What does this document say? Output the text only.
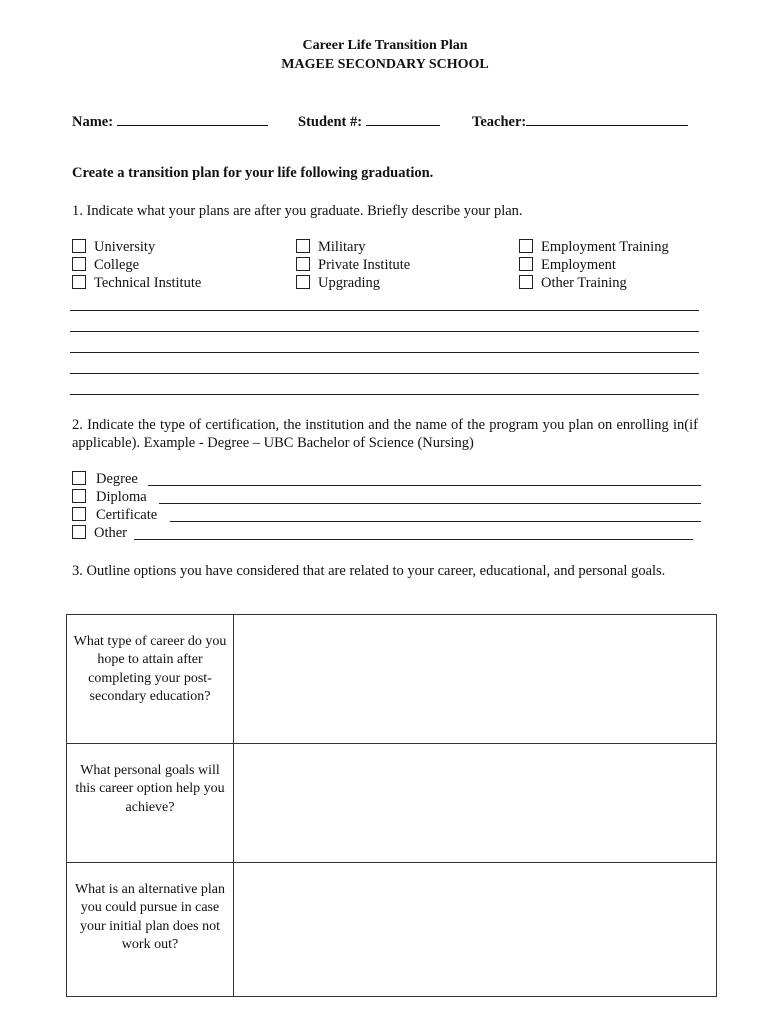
Career Life Transition Plan
MAGEE SECONDARY SCHOOL
Name:	Student #:	Teacher:
Create a transition plan for your life following graduation.
1. Indicate what your plans are after you graduate. Briefly describe your plan.
University
College
Technical Institute
Military
Private Institute
Upgrading
Employment Training
Employment
Other Training
2. Indicate the type of certification, the institution and the name of the program you plan on enrolling in(if applicable). Example - Degree – UBC Bachelor of Science (Nursing)
Degree
Diploma
Certificate
Other
3. Outline options you have considered that are related to your career, educational, and personal goals.
What type of career do you hope to attain after completing your post-secondary education?	
What personal goals will this career option help you achieve?	
What is an alternative plan you could pursue in case your initial plan does not work out?	
